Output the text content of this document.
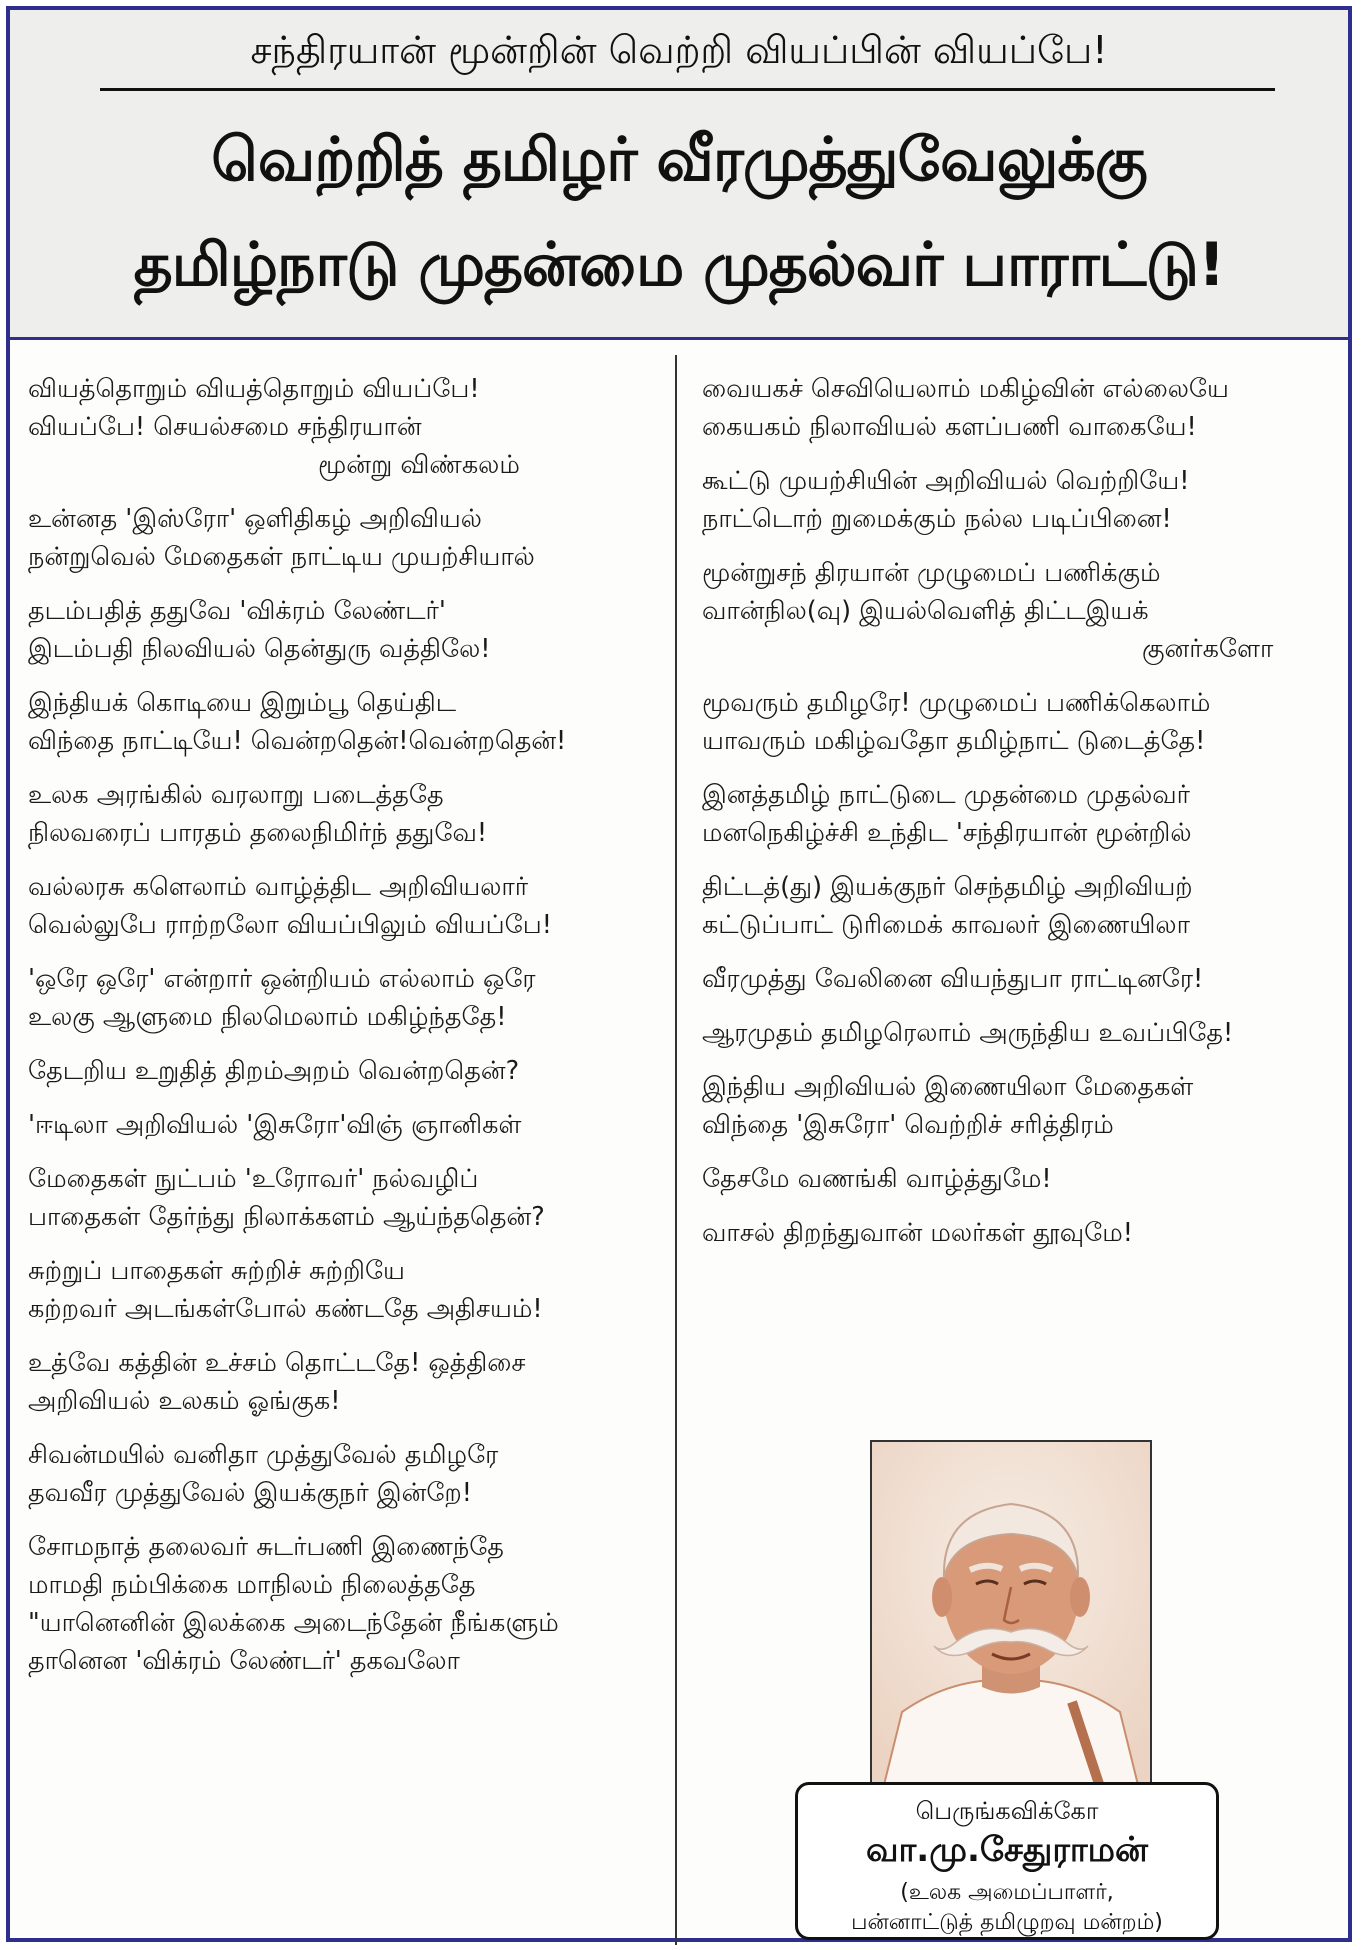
சந்திரயான் மூன்றின் வெற்றி வியப்பின் வியப்பே!
வெற்றித் தமிழர் வீரமுத்துவேலுக்கு
தமிழ்நாடு முதன்மை முதல்வர் பாராட்டு!
வியத்தொறும் வியத்தொறும் வியப்பே!
வியப்பே! செயல்சமை சந்திரயான்
மூன்று விண்கலம்
உன்னத 'இஸ்ரோ' ஒளிதிகழ் அறிவியல்
நன்றுவெல் மேதைகள் நாட்டிய முயற்சியால்
தடம்பதித் ததுவே 'விக்ரம் லேண்டர்'
இடம்பதி நிலவியல் தென்துரு வத்திலே!
இந்தியக் கொடியை இறும்பூ தெய்திட
விந்தை நாட்டியே! வென்றதென்!வென்றதென்!
உலக அரங்கில் வரலாறு படைத்ததே
நிலவரைப் பாரதம் தலைநிமிர்ந் ததுவே!
வல்லரசு களெலாம் வாழ்த்திட அறிவியலார்
வெல்லுபே ராற்றலோ வியப்பிலும் வியப்பே!
'ஒரே ஒரே' என்றார் ஒன்றியம் எல்லாம் ஒரே
உலகு ஆளுமை நிலமெலாம் மகிழ்ந்ததே!
தேடறிய உறுதித் திறம்அறம் வென்றதென்?
'ஈடிலா அறிவியல் 'இசுரோ'விஞ் ஞானிகள்
மேதைகள் நுட்பம் 'உரோவர்' நல்வழிப்
பாதைகள் தேர்ந்து நிலாக்களம் ஆய்ந்ததென்?
சுற்றுப் பாதைகள் சுற்றிச் சுற்றியே
கற்றவர் அடங்கள்போல் கண்டதே அதிசயம்!
உத்வே கத்தின் உச்சம் தொட்டதே! ஒத்திசை
அறிவியல் உலகம் ஓங்குக!
சிவன்மயில் வனிதா முத்துவேல் தமிழரே
தவவீர முத்துவேல் இயக்குநர் இன்றே!
சோமநாத் தலைவர் சுடர்பணி இணைந்தே
மாமதி நம்பிக்கை மாநிலம் நிலைத்ததே
"யானெனின் இலக்கை அடைந்தேன் நீங்களும்
தானென 'விக்ரம் லேண்டர்' தகவலோ
வையகச் செவியெலாம் மகிழ்வின் எல்லையே
கையகம் நிலாவியல் களப்பணி வாகையே!
கூட்டு முயற்சியின் அறிவியல் வெற்றியே!
நாட்டொற் றுமைக்கும் நல்ல படிப்பினை!
மூன்றுசந் திரயான் முழுமைப் பணிக்கும்
வான்நில(வு) இயல்வெளித் திட்டஇயக்
குனர்களோ
மூவரும் தமிழரே! முழுமைப் பணிக்கெலாம்
யாவரும் மகிழ்வதோ தமிழ்நாட் டுடைத்தே!
இனத்தமிழ் நாட்டுடை முதன்மை முதல்வர்
மனநெகிழ்ச்சி உந்திட 'சந்திரயான் மூன்றில்
திட்டத்(து) இயக்குநர் செந்தமிழ் அறிவியற்
கட்டுப்பாட் டுரிமைக் காவலர் இணையிலா
வீரமுத்து வேலினை வியந்துபா ராட்டினரே!
ஆரமுதம் தமிழரெலாம் அருந்திய உவப்பிதே!
இந்திய அறிவியல் இணையிலா மேதைகள்
விந்தை 'இசுரோ' வெற்றிச் சரித்திரம்
தேசமே வணங்கி வாழ்த்துமே!
வாசல் திறந்துவான் மலர்கள் தூவுமே!
பெருங்கவிக்கோ
வா.மு.சேதுராமன்
(உலக அமைப்பாளர்,
பன்னாட்டுத் தமிழுறவு மன்றம்)
